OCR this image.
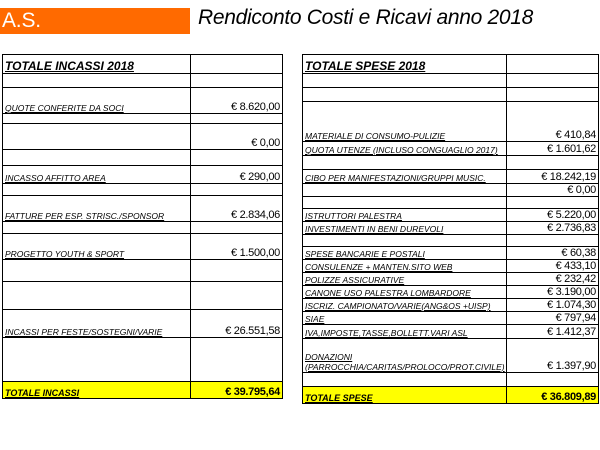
A.S. RIVAROSSESE
Rendiconto Costi e Ricavi anno 2018
TOTALE INCASSI 2018	

QUOTE CONFERITE DA SOCI	€ 8.620,00

	€ 0,00

INCASSO AFFITTO AREA	€ 290,00

FATTURE PER ESP. STRISC./SPONSOR	€ 2.834,06

PROGETTO YOUTH & SPORT	€ 1.500,00

INCASSI PER FESTE/SOSTEGNI/VARIE	€ 26.551,58

TOTALE INCASSI	€ 39.795,64
TOTALE SPESE 2018	

MATERIALE DI CONSUMO-PULIZIE	€ 410,84
QUOTA UTENZE (INCLUSO CONGUAGLIO 2017)	€ 1.601,62

CIBO PER MANIFESTAZIONI/GRUPPI MUSIC.	€ 18.242,19
	€ 0,00

ISTRUTTORI PALESTRA	€ 5.220,00
INVESTIMENTI IN BENI DUREVOLI	€ 2.736,83

SPESE BANCARIE E POSTALI	€ 60,38
CONSULENZE + MANTEN.SITO WEB	€ 433,10
POLIZZE ASSICURATIVE	€ 232,42
CANONE USO PALESTRA LOMBARDORE	€ 3.190,00
ISCRIZ. CAMPIONATO/VARIE(ANG&OS +UISP)	€ 1.074,30
SIAE	€ 797,94
IVA,IMPOSTE,TASSE,BOLLETT.VARI ASL	€ 1.412,37
DONAZIONI (PARROCCHIA/CARITAS/PROLOCO/PROT.CIVILE)	€ 1.397,90

TOTALE SPESE	€ 36.809,89
